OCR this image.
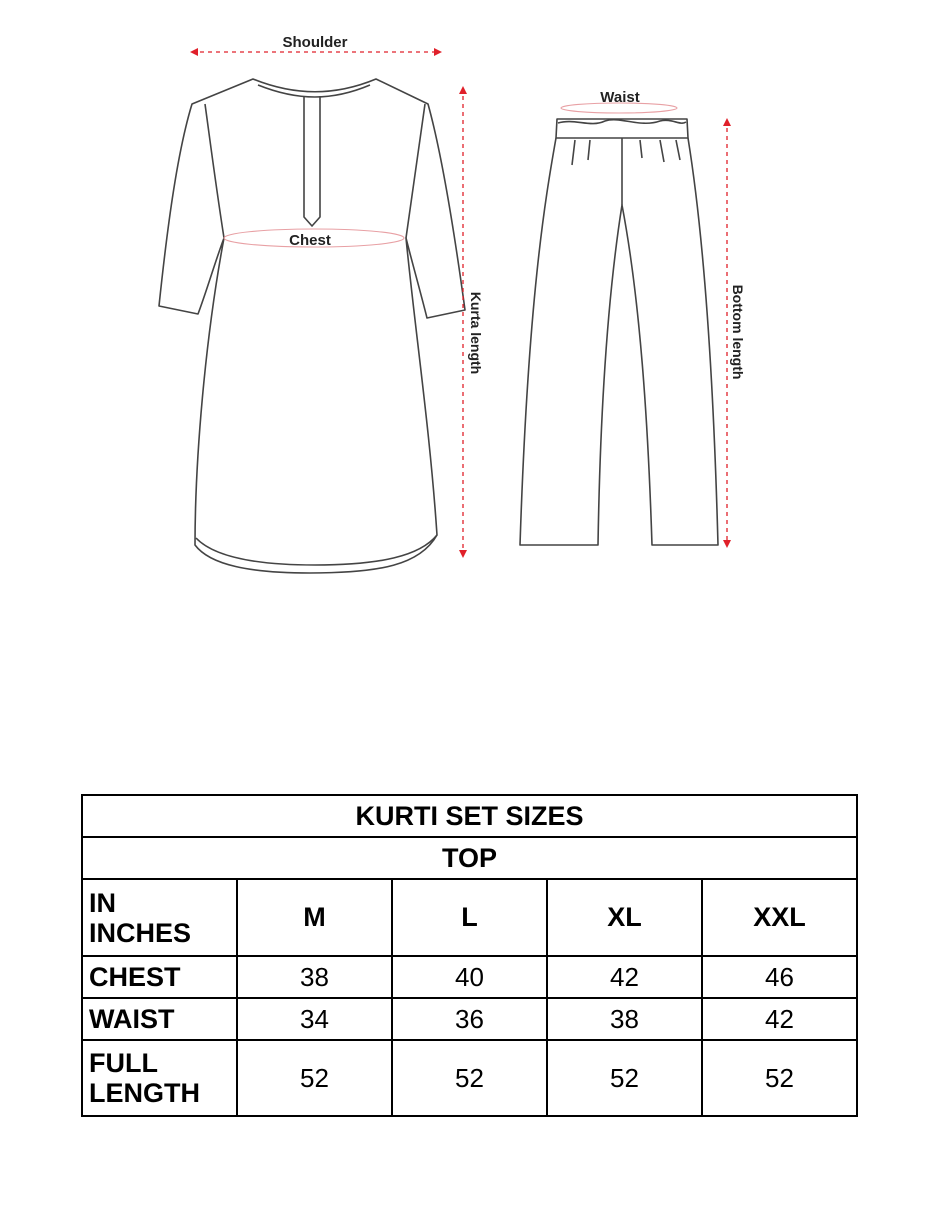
Shoulder
Chest
Waist
Kurta length	Bottom length
KURTI SET SIZES				
TOP				
IN
INCHES	M	L	XL	XXL
CHEST	38	40	42	46
WAIST	34	36	38	42
FULL
LENGTH	52	52	52	52
